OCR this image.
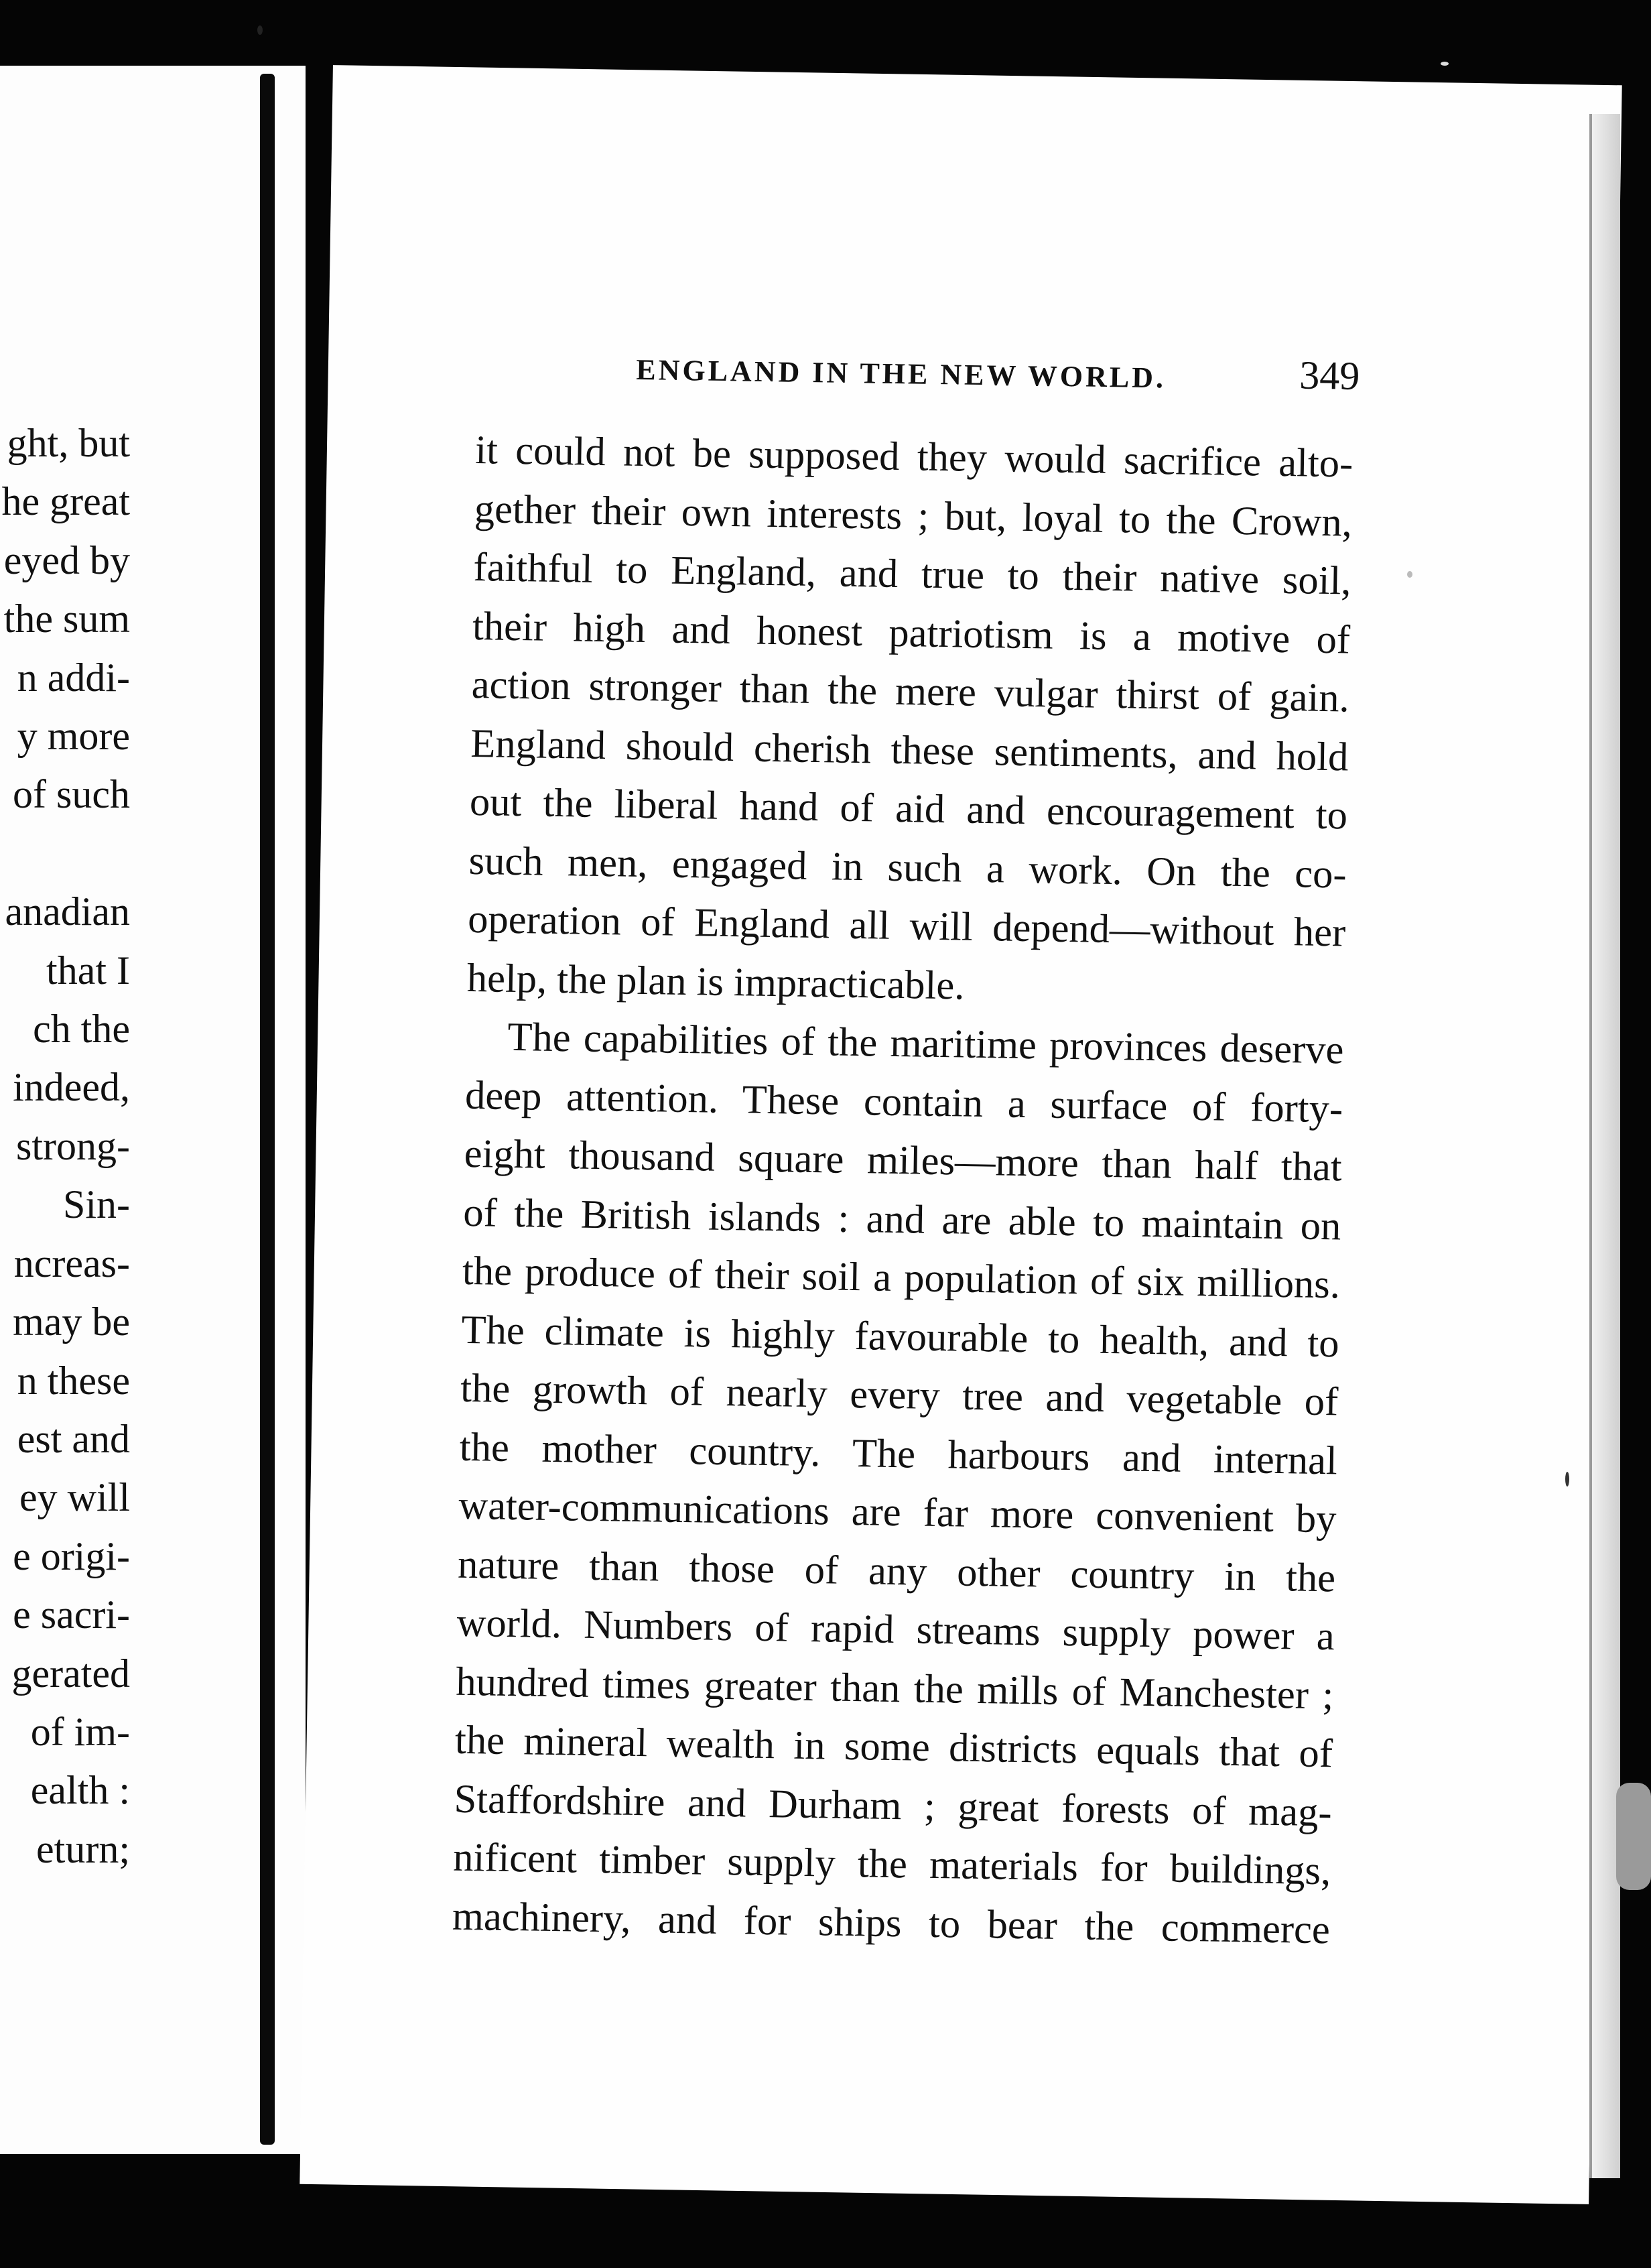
ght, but
he great
eyed by
the sum
n addi-
y more
of such

anadian
that I
ch the
indeed,
strong-
Sin-
ncreas-
may be
n these
est and
ey will
e origi-
e sacri-
gerated
of im-
ealth :
eturn;
ENGLAND IN THE NEW WORLD.	349
it could not be supposed they would sacrifice alto-
gether their own interests ; but, loyal to the Crown,
faithful to England, and true to their native soil,
their high and honest patriotism is a motive of
action stronger than the mere vulgar thirst of gain.
England should cherish these sentiments, and hold
out the liberal hand of aid and encouragement to
such men, engaged in such a work. On the co-
operation of England all will depend—without her
help, the plan is impracticable.
The capabilities of the maritime provinces deserve
deep attention. These contain a surface of forty-
eight thousand square miles—more than half that
of the British islands : and are able to maintain on
the produce of their soil a population of six millions.
The climate is highly favourable to health, and to
the growth of nearly every tree and vegetable of
the mother country. The harbours and internal
water-communications are far more convenient by
nature than those of any other country in the
world. Numbers of rapid streams supply power a
hundred times greater than the mills of Manchester ;
the mineral wealth in some districts equals that of
Staffordshire and Durham ; great forests of mag-
nificent timber supply the materials for buildings,
machinery, and for ships to bear the commerce
